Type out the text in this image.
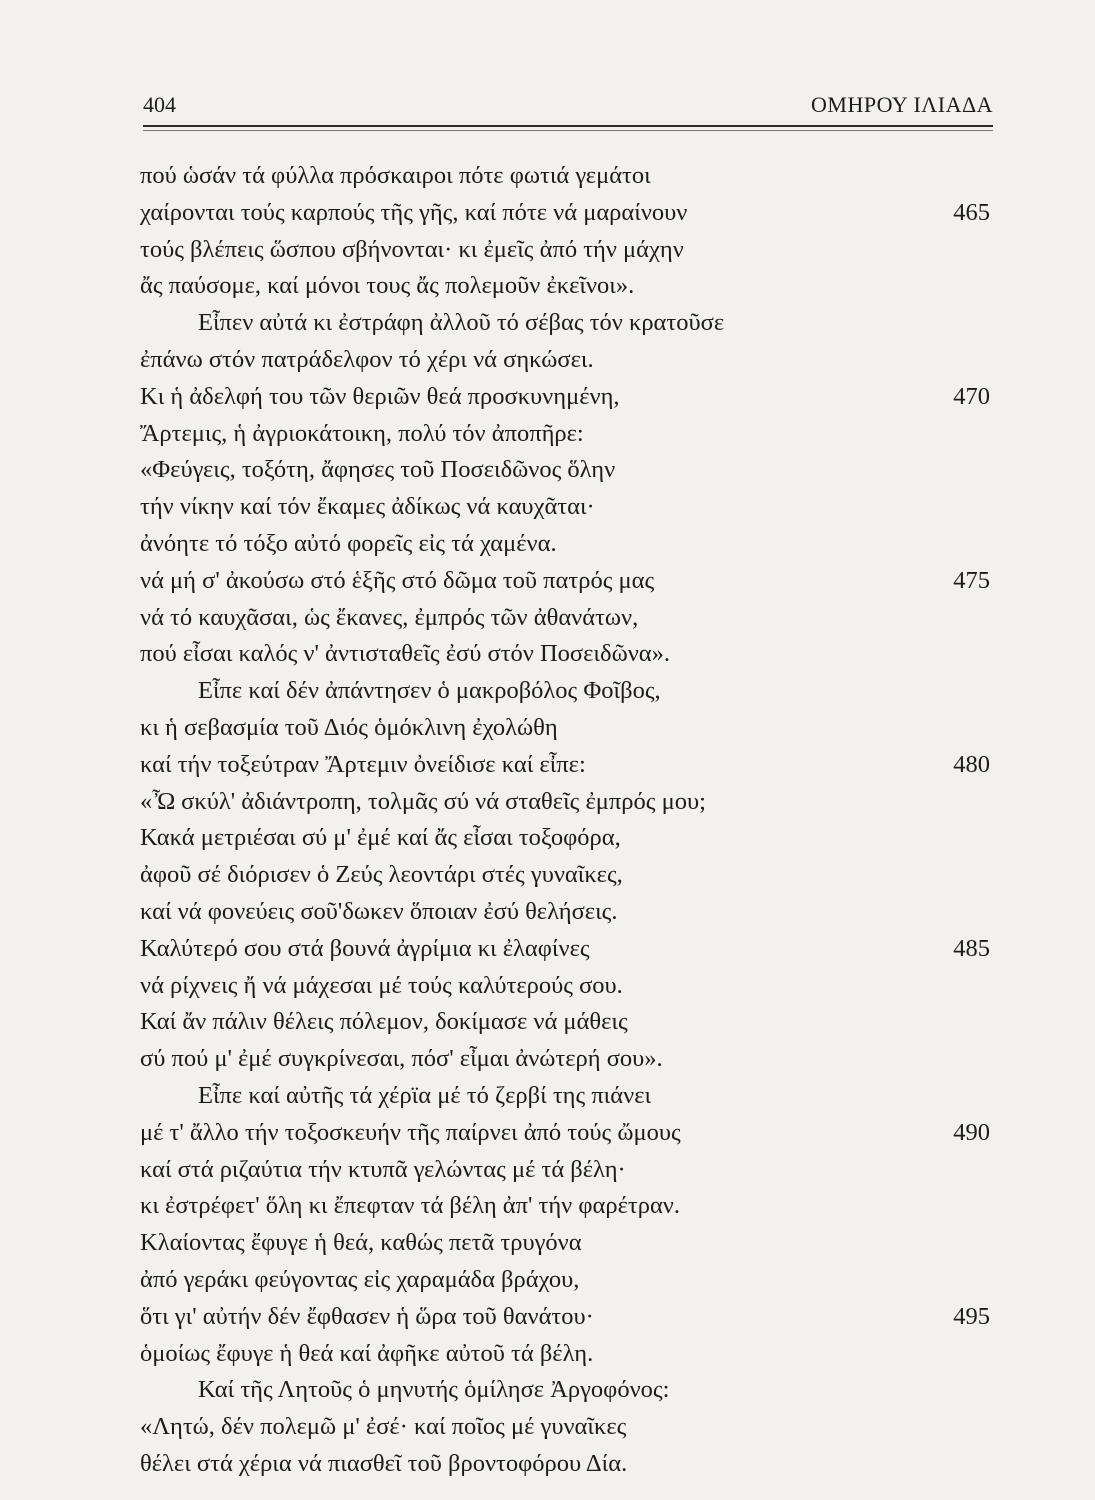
404	ΟΜΗΡΟΥ ΙΛΙΑΔΑ
πού ὡσάν τά φύλλα πρόσκαιροι πότε φωτιά γεμάτοι
χαίρονται τούς καρπούς τῆς γῆς, καί πότε νά μαραίνουν	465
τούς βλέπεις ὥσπου σβήνονται· κι ἐμεῖς ἀπό τήν μάχην
ἄς παύσομε, καί μόνοι τους ἄς πολεμοῦν ἐκεῖνοι».
Εἶπεν αὐτά κι ἐστράφη ἀλλοῦ τό σέβας τόν κρατοῦσε
ἐπάνω στόν πατράδελφον τό χέρι νά σηκώσει.
Κι ἡ ἀδελφή του τῶν θεριῶν θεά προσκυνημένη,	470
Ἄρτεμις, ἡ ἀγριοκάτοικη, πολύ τόν ἀποπῆρε:
«Φεύγεις, τοξότη, ἄφησες τοῦ Ποσειδῶνος ὅλην
τήν νίκην καί τόν ἔκαμες ἀδίκως νά καυχᾶται·
ἀνόητε τό τόξο αὐτό φορεῖς εἰς τά χαμένα.
νά μή σ' ἀκούσω στό ἑξῆς στό δῶμα τοῦ πατρός μας	475
νά τό καυχᾶσαι, ὡς ἔκανες, ἐμπρός τῶν ἀθανάτων,
πού εἶσαι καλός ν' ἀντισταθεῖς ἐσύ στόν Ποσειδῶνα».
Εἶπε καί δέν ἀπάντησεν ὁ μακροβόλος Φοῖβος,
κι ἡ σεβασμία τοῦ Διός ὁμόκλινη ἐχολώθη
καί τήν τοξεύτραν Ἄρτεμιν ὀνείδισε καί εἶπε:	480
«Ὦ σκύλ' ἀδιάντροπη, τολμᾶς σύ νά σταθεῖς ἐμπρός μου;
Κακά μετριέσαι σύ μ' ἐμέ καί ἄς εἶσαι τοξοφόρα,
ἀφοῦ σέ διόρισεν ὁ Ζεύς λεοντάρι στές γυναῖκες,
καί νά φονεύεις σοῦ'δωκεν ὅποιαν ἐσύ θελήσεις.
Καλύτερό σου στά βουνά ἀγρίμια κι ἐλαφίνες	485
νά ρίχνεις ἤ νά μάχεσαι μέ τούς καλύτερούς σου.
Καί ἄν πάλιν θέλεις πόλεμον, δοκίμασε νά μάθεις
σύ πού μ' ἐμέ συγκρίνεσαι, πόσ' εἶμαι ἀνώτερή σου».
Εἶπε καί αὐτῆς τά χέρϊα μέ τό ζερβί της πιάνει
μέ τ' ἄλλο τήν τοξοσκευήν τῆς παίρνει ἀπό τούς ὤμους	490
καί στά ριζαύτια τήν κτυπᾶ γελώντας μέ τά βέλη·
κι ἐστρέφετ' ὅλη κι ἔπεφταν τά βέλη ἀπ' τήν φαρέτραν.
Κλαίοντας ἔφυγε ἡ θεά, καθώς πετᾶ τρυγόνα
ἀπό γεράκι φεύγοντας εἰς χαραμάδα βράχου,
ὅτι γι' αὐτήν δέν ἔφθασεν ἡ ὥρα τοῦ θανάτου·	495
ὁμοίως ἔφυγε ἡ θεά καί ἀφῆκε αὐτοῦ τά βέλη.
Καί τῆς Λητοῦς ὁ μηνυτής ὁμίλησε Ἀργοφόνος:
«Λητώ, δέν πολεμῶ μ' ἐσέ· καί ποῖος μέ γυναῖκες
θέλει στά χέρια νά πιασθεῖ τοῦ βροντοφόρου Δία.
